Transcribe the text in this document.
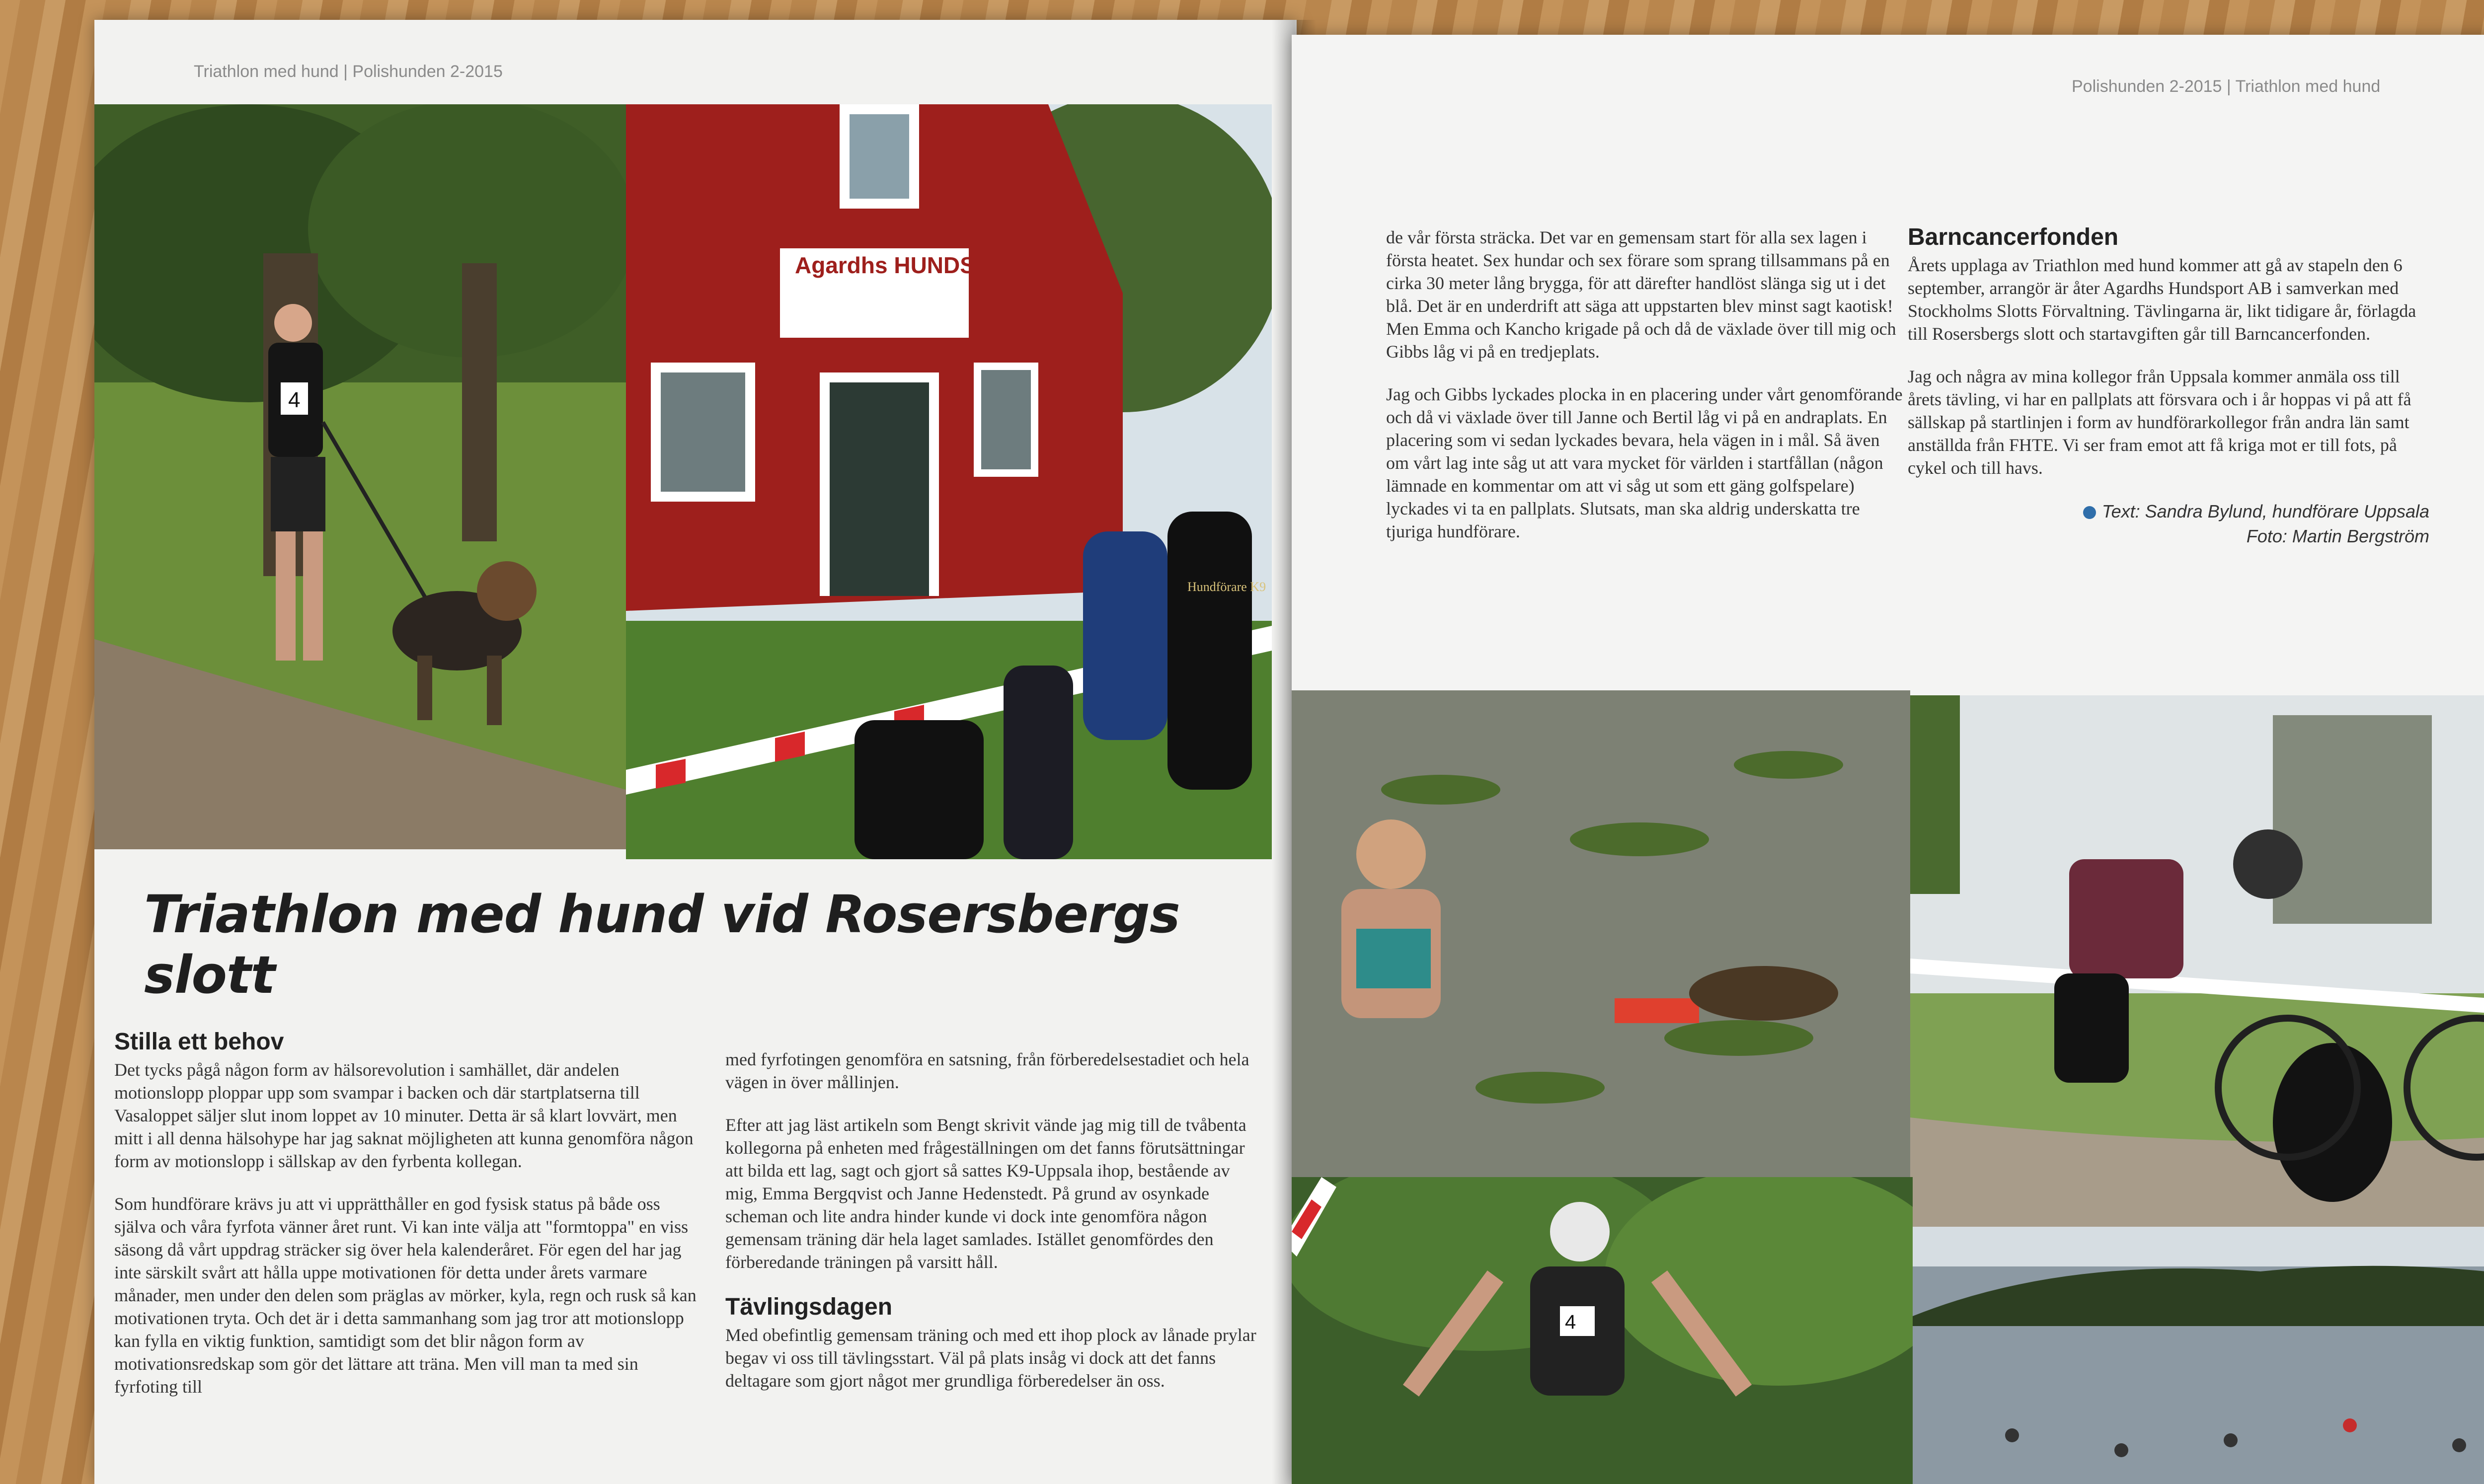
Triathlon med hund | Polishunden 2-2015
4
Agardhs HUNDSPORT
Hundförare K9
Triathlon med hund vid Rosersbergs slott
Stilla ett behov

Det tycks pågå någon form av hälsorevolution i samhället, där andelen motionslopp ploppar upp som svampar i backen och där startplatserna till Vasaloppet säljer slut inom loppet av 10 minuter. Detta är så klart lovvärt, men mitt i all denna hälsohype har jag saknat möjligheten att kunna genomföra någon form av motionslopp i sällskap av den fyrbenta kollegan.

Som hundförare krävs ju att vi upprätthåller en god fysisk status på både oss själva och våra fyrfota vänner året runt. Vi kan inte välja att "formtoppa" en viss säsong då vårt uppdrag sträcker sig över hela kalenderåret. För egen del har jag inte särskilt svårt att hålla uppe motivationen för detta under årets varmare månader, men under den delen som präglas av mörker, kyla, regn och rusk så kan motivationen tryta. Och det är i detta sammanhang som jag tror att motionslopp kan fylla en viktig funktion, samtidigt som det blir någon form av motivationsredskap som gör det lättare att träna. Men vill man ta med sin fyrfoting till

med fyrfotingen genomföra en satsning, från förberedelsestadiet och hela vägen in över mållinjen.

Efter att jag läst artikeln som Bengt skrivit vände jag mig till de tvåbenta kollegorna på enheten med frågeställningen om det fanns förutsättningar att bilda ett lag, sagt och gjort så sattes K9-Uppsala ihop, bestående av mig, Emma Bergqvist och Janne Hedenstedt. På grund av osynkade scheman och lite andra hinder kunde vi dock inte genomföra någon gemensam träning där hela laget samlades. Istället genomfördes den förberedande träningen på varsitt håll.

Tävlingsdagen

Med obefintlig gemensam träning och med ett ihop plock av lånade prylar begav vi oss till tävlingsstart. Väl på plats insåg vi dock att det fanns deltagare som gjort något mer grundliga förberedelser än oss.

Polishunden 2-2015 | Triathlon med hund

de vår första sträcka. Det var en gemensam start för alla sex lagen i första heatet. Sex hundar och sex förare som sprang tillsammans på en cirka 30 meter lång brygga, för att därefter handlöst slänga sig ut i det blå. Det är en underdrift att säga att uppstarten blev minst sagt kaotisk! Men Emma och Kancho krigade på och då de växlade över till mig och Gibbs låg vi på en tredjeplats.

Jag och Gibbs lyckades plocka in en placering under vårt genomförande och då vi växlade över till Janne och Bertil låg vi på en andraplats. En placering som vi sedan lyckades bevara, hela vägen in i mål. Så även om vårt lag inte såg ut att vara mycket för världen i startfållan (någon lämnade en kommentar om att vi såg ut som ett gäng golfspelare) lyckades vi ta en pallplats. Slutsats, man ska aldrig underskatta tre tjuriga hundförare.

Barncancerfonden

Årets upplaga av Triathlon med hund kommer att gå av stapeln den 6 september, arrangör är åter Agardhs Hundsport AB i samverkan med Stockholms Slotts Förvaltning. Tävlingarna är, likt tidigare år, förlagda till Rosersbergs slott och startavgiften går till Barncancerfonden.

Jag och några av mina kollegor från Uppsala kommer anmäla oss till årets tävling, vi har en pallplats att försvara och i år hoppas vi på att få sällskap på startlinjen i form av hundförarkollegor från andra län samt anställda från FHTE. Vi ser fram emot att få kriga mot er till fots, på cykel och till havs.

Text: Sandra Bylund, hundförare Uppsala
Foto: Martin Bergström
4
